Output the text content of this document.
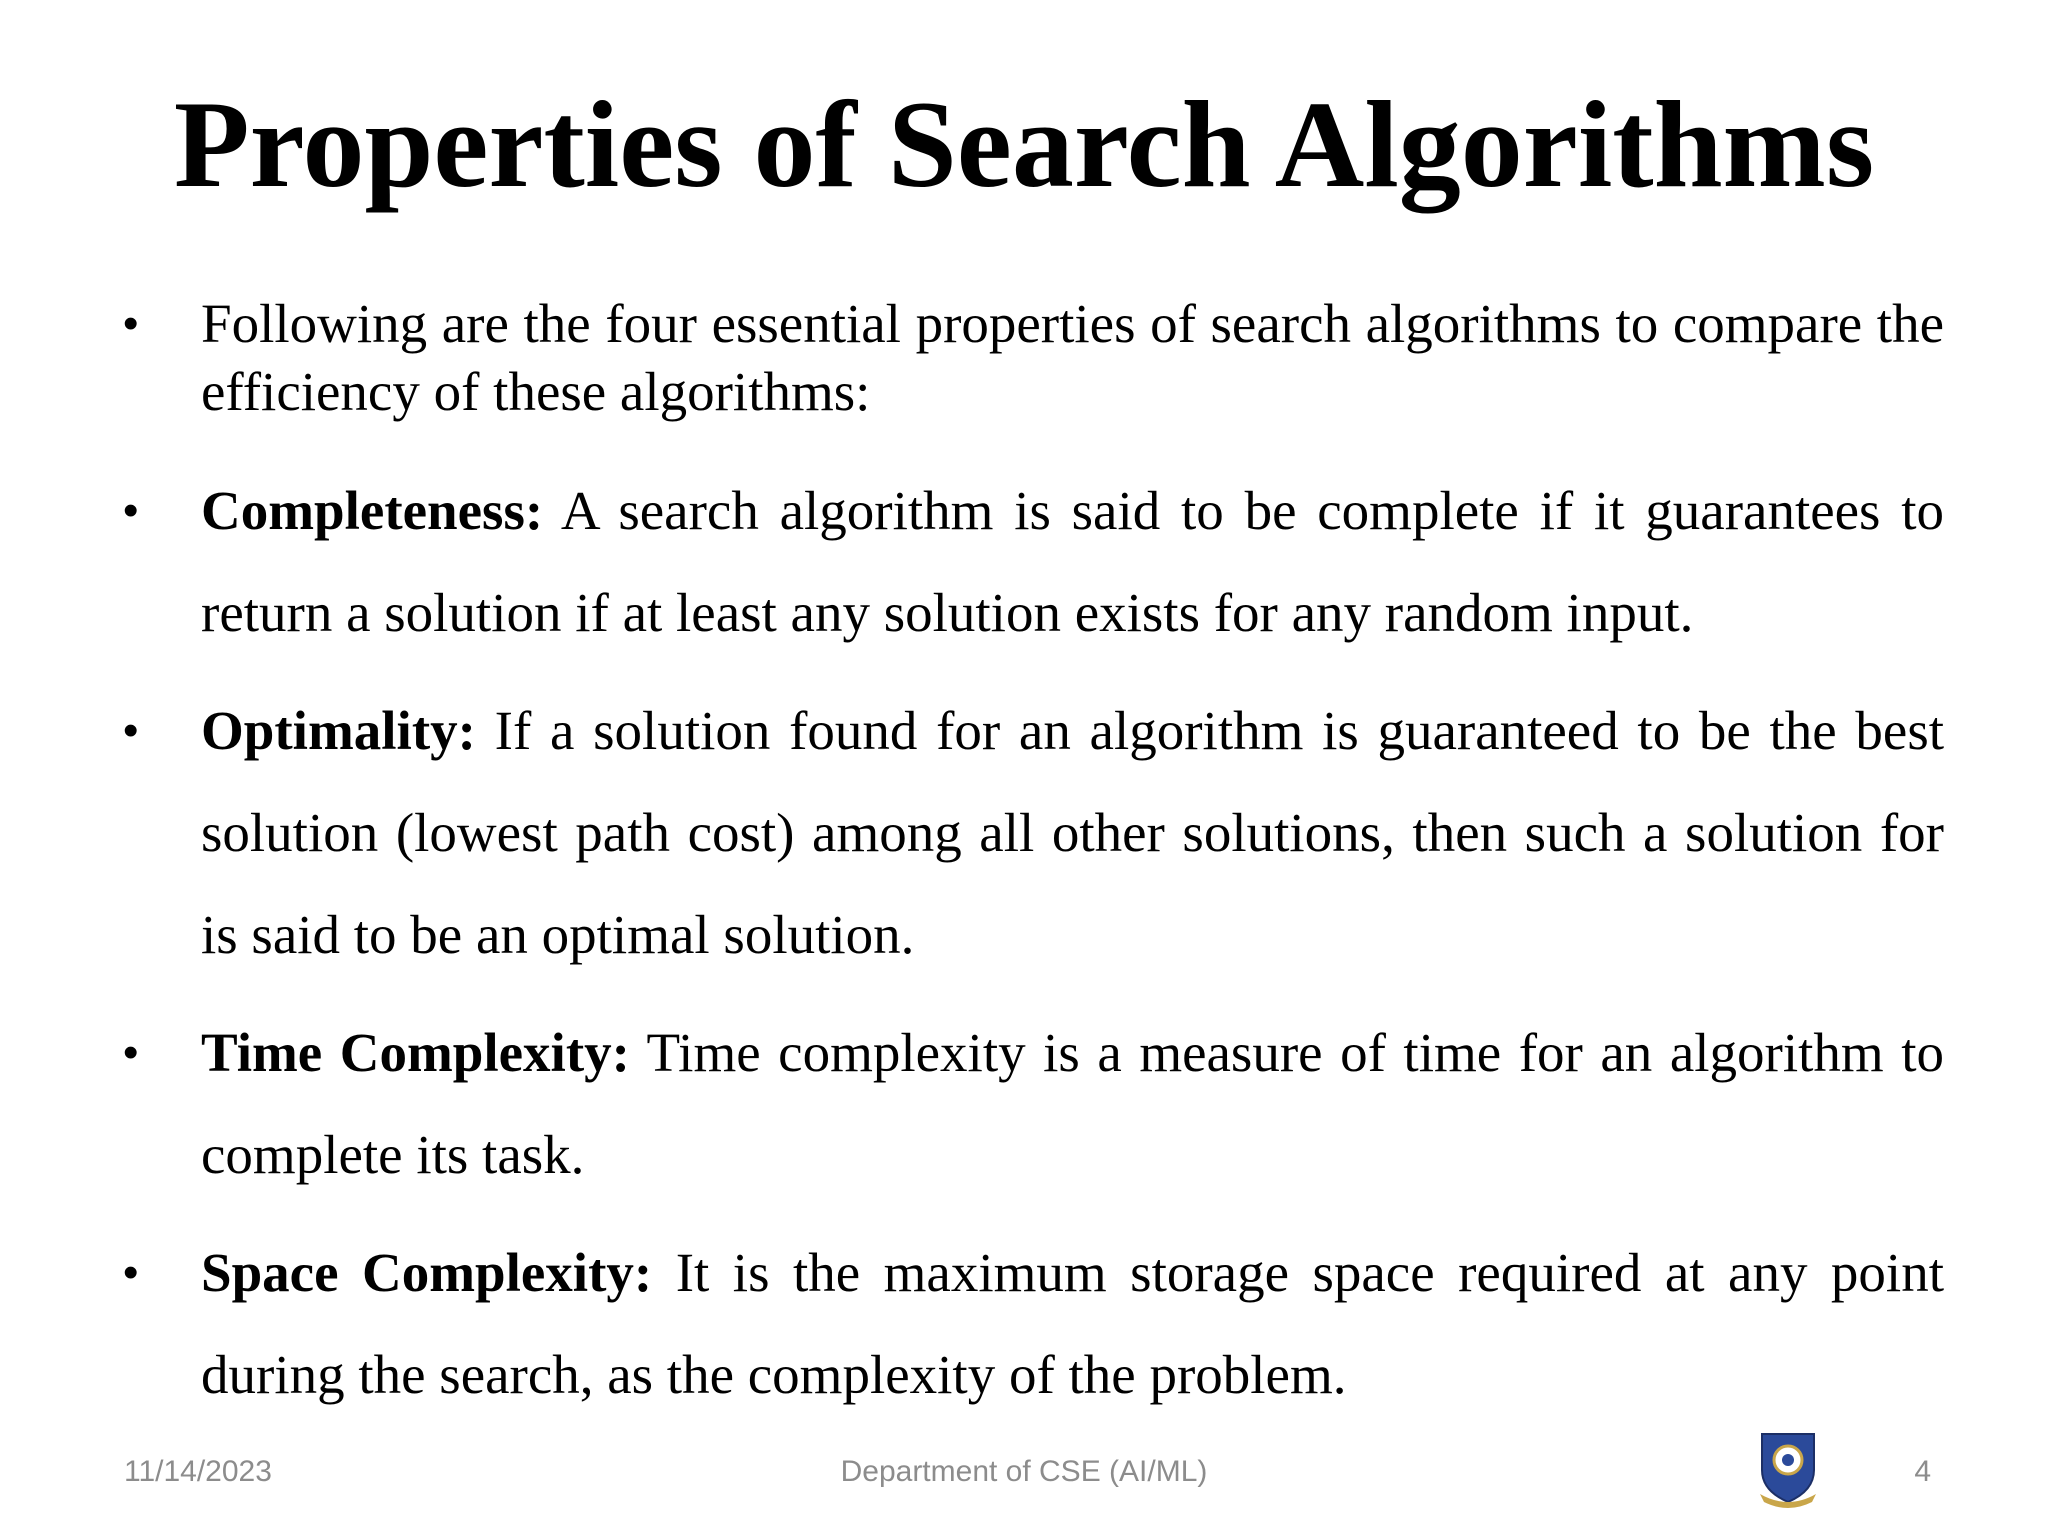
Properties of Search Algorithms
• Following are the four essential properties of search algorithms to compare the efficiency of these algorithms:
• Completeness: A search algorithm is said to be complete if it guarantees to return a solution if at least any solution exists for any random input.
• Optimality: If a solution found for an algorithm is guaranteed to be the best solution (lowest path cost) among all other solutions, then such a solution for is said to be an optimal solution.
• Time Complexity: Time complexity is a measure of time for an algorithm to complete its task.
• Space Complexity: It is the maximum storage space required at any point during the search, as the complexity of the problem.
11/14/2023	Department of CSE (AI/ML)	4
